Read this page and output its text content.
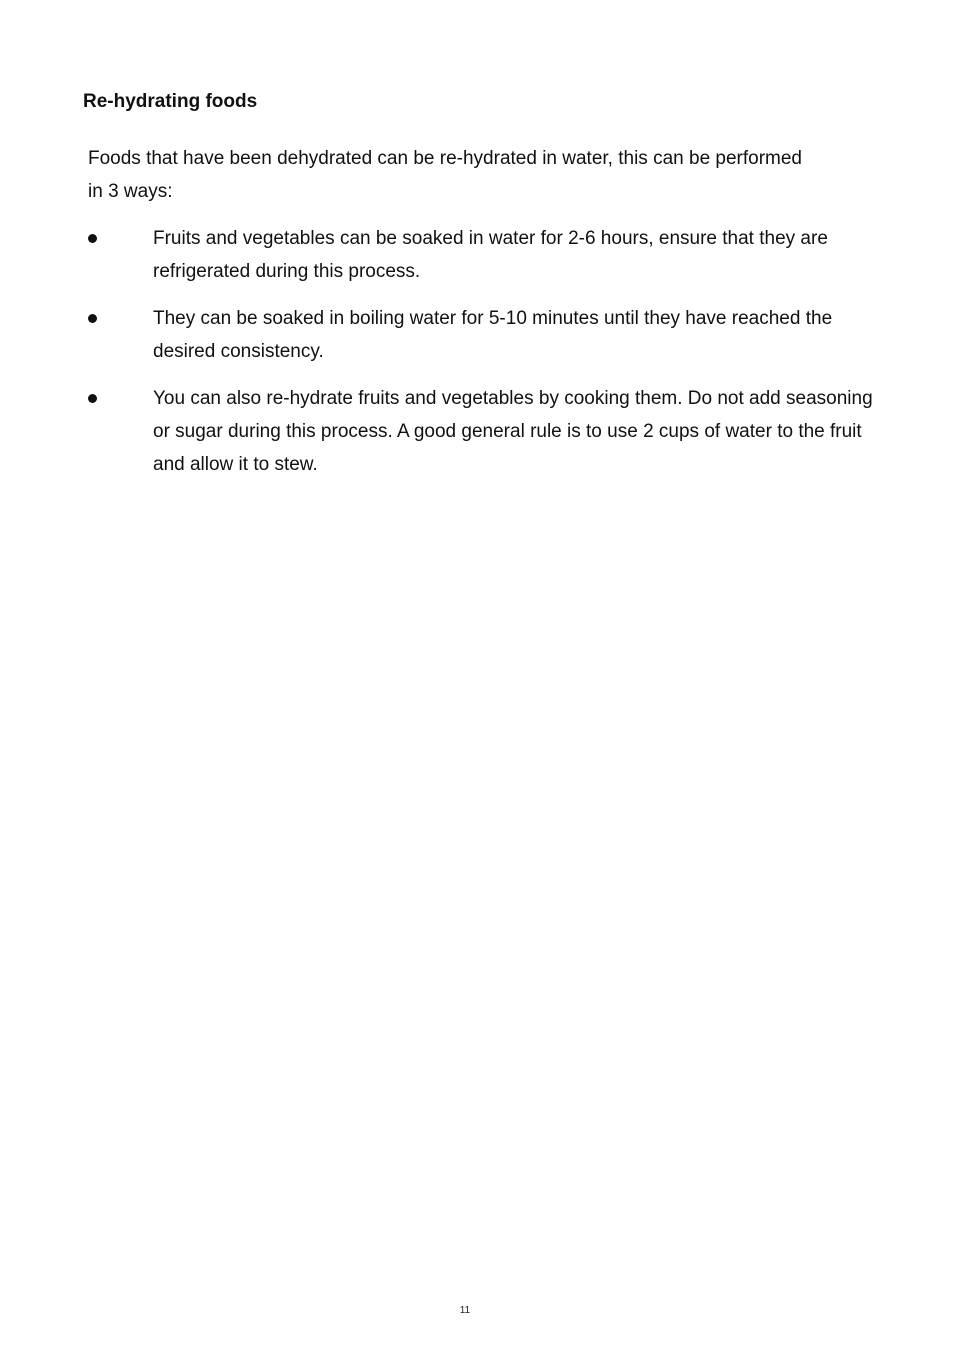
Re-hydrating foods

Foods that have been dehydrated can be re-hydrated in water, this can be performed in 3 ways:

Fruits and vegetables can be soaked in water for 2-6 hours, ensure that they are refrigerated during this process.
They can be soaked in boiling water for 5-10 minutes until they have reached the desired consistency.
You can also re-hydrate fruits and vegetables by cooking them. Do not add seasoning or sugar during this process. A good general rule is to use 2 cups of water to the fruit and allow it to stew.
11
